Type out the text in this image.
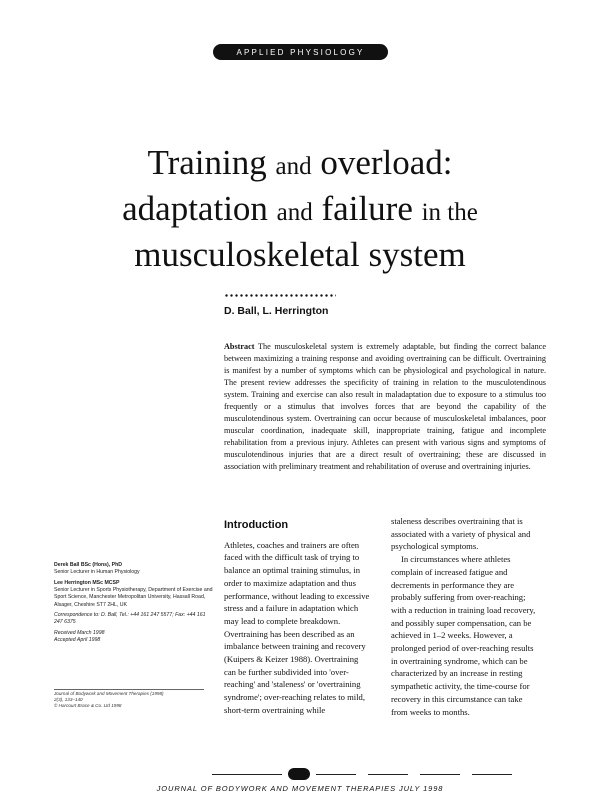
APPLIED PHYSIOLOGY
Training and overload:
adaptation and failure in the
musculoskeletal system
D. Ball, L. Herrington

Abstract The musculoskeletal system is extremely adaptable, but finding the correct balance between maximizing a training response and avoiding overtraining can be difficult. Overtraining is manifest by a number of symptoms which can be physiological and psychological in nature. The present review addresses the specificity of training in relation to the musculotendinous system. Training and exercise can also result in maladaptation due to exposure to a stimulus too frequently or a stimulus that involves forces that are beyond the capability of the musculotendinous system. Overtraining can occur because of musculoskeletal imbalances, poor muscular coordination, inadequate skill, inappropriate training, fatigue and incomplete rehabilitation from a previous injury. Athletes can present with various signs and symptoms of musculotendinous injuries that are a direct result of overtraining; these are discussed in association with preliminary treatment and rehabilitation of overuse and overtraining injuries.

Introduction

Athletes, coaches and trainers are often faced with the difficult task of trying to balance an optimal training stimulus, in order to maximize adaptation and thus performance, without leading to excessive stress and a failure in adaptation which may lead to complete breakdown. Overtraining has been described as an imbalance between training and recovery (Kuipers & Keizer 1988). Overtraining can be further subdivided into 'over-reaching' and 'staleness' or 'overtraining syndrome'; over-reaching relates to mild, short-term overtraining while

staleness describes overtraining that is associated with a variety of physical and psychological symptoms.

In circumstances where athletes complain of increased fatigue and decrements in performance they are probably suffering from over-reaching; with a reduction in training load recovery, and possibly super compensation, can be achieved in 1–2 weeks. However, a prolonged period of over-reaching results in overtraining syndrome, which can be characterized by an increase in resting sympathetic activity, the time-course for recovery in this circumstance can take from weeks to months.

Derek Ball BSc (Hons), PhD
Senior Lecturer in Human Physiology

Lee Herrington MSc MCSP
Senior Lecturer in Sports Physiotherapy, Department of Exercise and Sport Science, Manchester Metropolitan University, Hassall Road, Alsager, Cheshire ST7 2HL, UK

Correspondence to: D. Ball, Tel.: +44 161 247 5577; Fax: +44 161 247 6375

Received March 1998
Accepted April 1998

Journal of Bodywork and Movement Therapies (1998)

2(3), 133–140

© Harcourt Brace & Co. Ltd 1998

JOURNAL OF BODYWORK AND MOVEMENT THERAPIES JULY 1998
